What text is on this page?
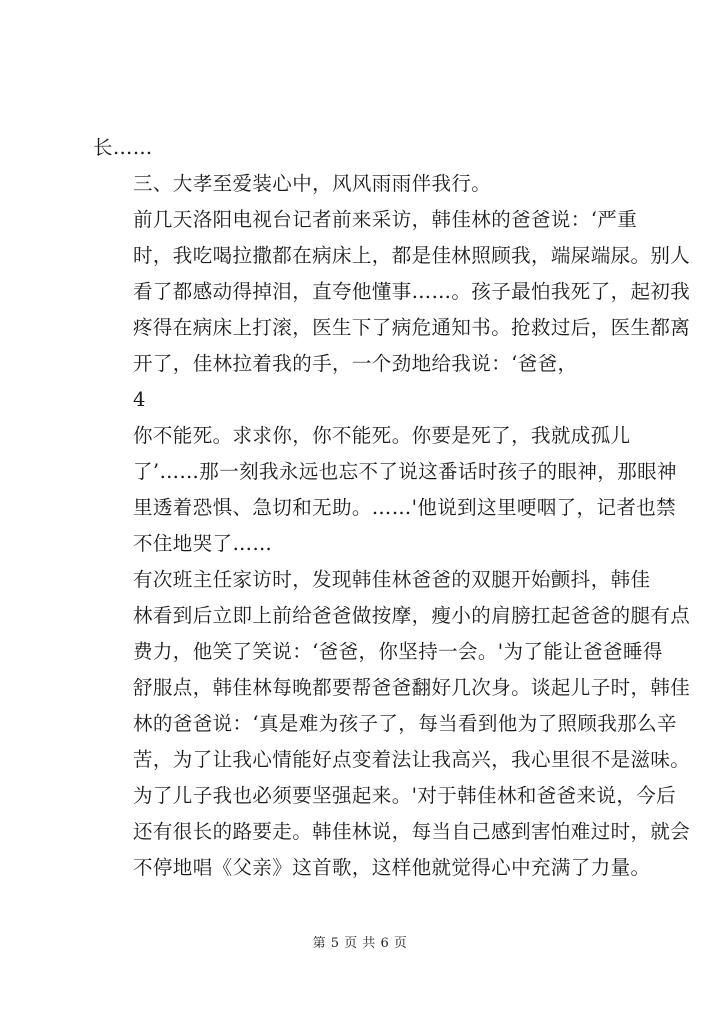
长……

三、大孝至爱装心中，风风雨雨伴我行。

前几天洛阳电视台记者前来采访，韩佳林的爸爸说：‘严重
时，我吃喝拉撒都在病床上，都是佳林照顾我，端屎端尿。别人
看了都感动得掉泪，直夸他懂事……。孩子最怕我死了，起初我
疼得在病床上打滚，医生下了病危通知书。抢救过后，医生都离
开了，佳林拉着我的手，一个劲地给我说：‘爸爸，

4

你不能死。求求你，你不能死。你要是死了，我就成孤儿
了’……那一刻我永远也忘不了说这番话时孩子的眼神，那眼神
里透着恐惧、急切和无助。……'他说到这里哽咽了，记者也禁
不住地哭了……

有次班主任家访时，发现韩佳林爸爸的双腿开始颤抖，韩佳
林看到后立即上前给爸爸做按摩，瘦小的肩膀扛起爸爸的腿有点
费力，他笑了笑说：‘爸爸，你坚持一会。'为了能让爸爸睡得
舒服点，韩佳林每晚都要帮爸爸翻好几次身。谈起儿子时，韩佳
林的爸爸说：‘真是难为孩子了，每当看到他为了照顾我那么辛
苦，为了让我心情能好点变着法让我高兴，我心里很不是滋味。
为了儿子我也必须要坚强起来。'对于韩佳林和爸爸来说，今后
还有很长的路要走。韩佳林说，每当自己感到害怕难过时，就会
不停地唱《父亲》这首歌，这样他就觉得心中充满了力量。

第 5 页 共 6 页
